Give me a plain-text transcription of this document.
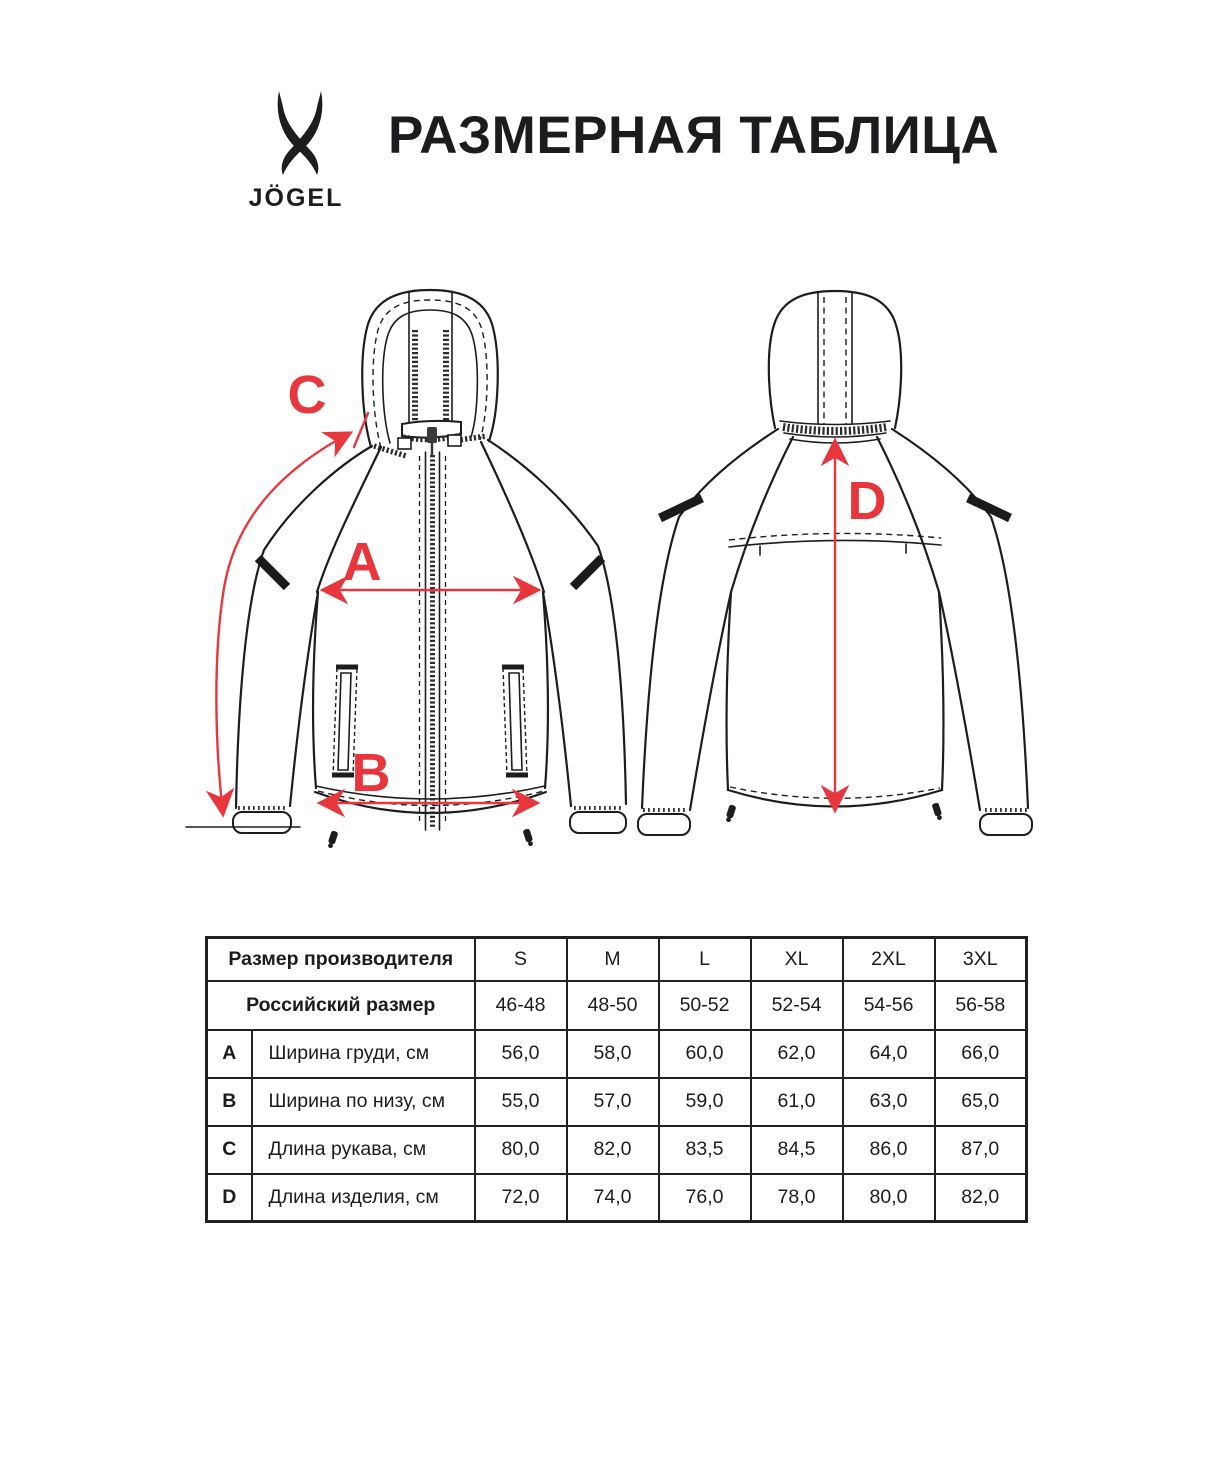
JÖGEL
РАЗМЕРНАЯ ТАБЛИЦА
A
B
C
D
Размер производителя		S	M	L	XL	2XL	3XL
Российский размер		46-48	48-50	50-52	52-54	54-56	56-58
A	Ширина груди, см	56,0	58,0	60,0	62,0	64,0	66,0
B	Ширина по низу, см	55,0	57,0	59,0	61,0	63,0	65,0
C	Длина рукава, см	80,0	82,0	83,5	84,5	86,0	87,0
D	Длина изделия, см	72,0	74,0	76,0	78,0	80,0	82,0
